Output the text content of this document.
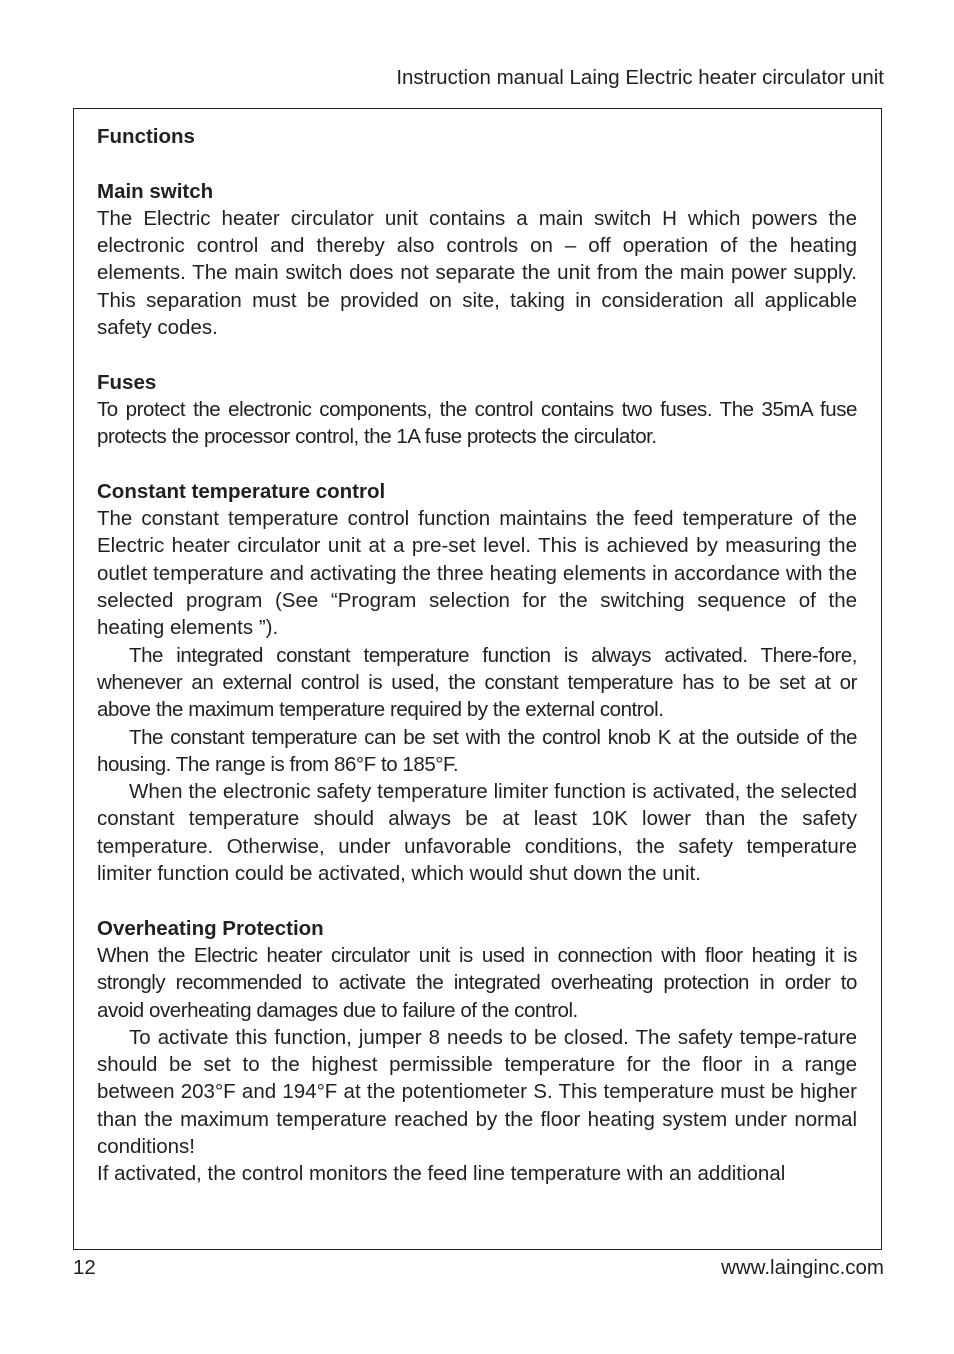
Instruction manual Laing Electric heater circulator unit
Functions
Main switch

The Electric heater circulator unit contains a main switch H which powers the electronic control and thereby also controls on – off operation of the heating elements. The main switch does not separate the unit from the main power supply. This separation must be provided on site, taking in consideration all applicable safety codes.

Fuses

To protect the electronic components, the control contains two fuses. The 35mA fuse protects the processor control, the 1A fuse protects the circulator.

Constant temperature control

The constant temperature control function maintains the feed temperature of the Electric heater circulator unit at a pre-set level. This is achieved by measuring the outlet temperature and activating the three heating elements in accordance with the selected program (See “Program selection for the switching sequence of the heating elements ”).

The integrated constant temperature function is always activated. There-fore, whenever an external control is used, the constant temperature has to be set at or above the maximum temperature required by the external control.

The constant temperature can be set with the control knob K at the outside of the housing. The range is from 86°F to 185°F.

When the electronic safety temperature limiter function is activated, the selected constant temperature should always be at least 10K lower than the safety temperature. Otherwise, under unfavorable conditions, the safety temperature limiter function could be activated, which would shut down the unit.

Overheating Protection

When the Electric heater circulator unit is used in connection with floor heating it is strongly recommended to activate the integrated overheating protection in order to avoid overheating damages due to failure of the control.

To activate this function, jumper 8 needs to be closed. The safety tempe-rature should be set to the highest permissible temperature for the floor in a range between 203°F and 194°F at the potentiometer S. This temperature must be higher than the maximum temperature reached by the floor heating system under normal conditions!

If activated, the control monitors the feed line temperature with an additional

12	www.lainginc.com
